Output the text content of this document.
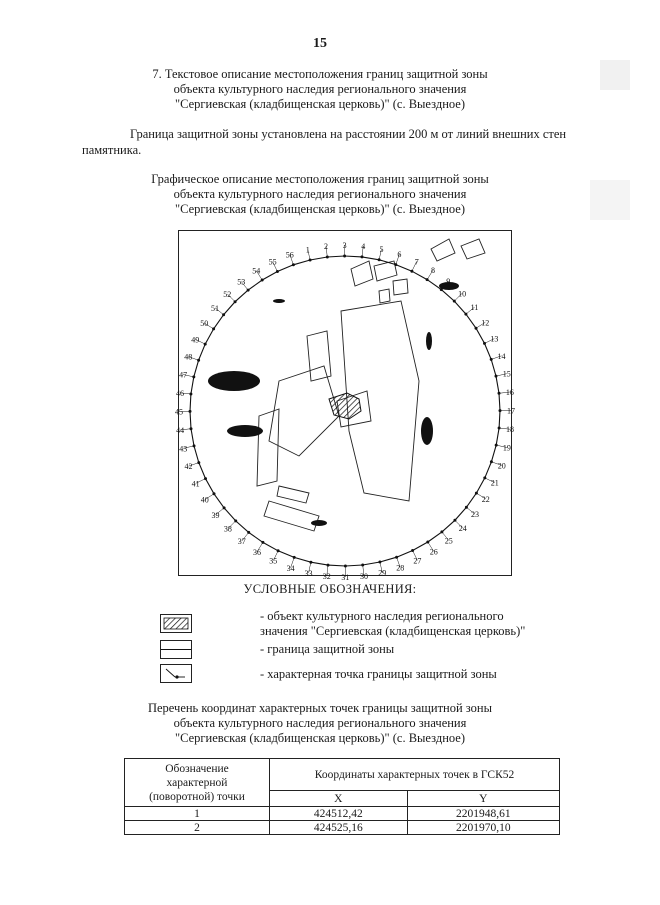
15
7. Текстовое описание местоположения границ защитной зоны
объекта культурного наследия регионального значения
"Сергиевская (кладбищенская церковь)" (с. Выездное)
Граница защитной зоны установлена на расстоянии 200 м от линий внешних стен памятника.
Графическое описание местоположения границ защитной зоны
объекта культурного наследия регионального значения
"Сергиевская (кладбищенская церковь)" (с. Выездное)
1 2 3 4 5
6
7
8
9
10
11
12
13
14
15
16
17
18
19
20
21
22
23
24
25
26
27
28
29
30
31
32
33
34
35
36
37
38
39
40
41
42
43
44
45
46
47
48
49
50
51
52
53
54
55
56
УСЛОВНЫЕ ОБОЗНАЧЕНИЯ:
- объект культурного наследия регионального
значения "Сергиевская (кладбищенская церковь)"
- граница защитной зоны
- характерная точка границы защитной зоны
Перечень координат характерных точек границы защитной зоны
объекта культурного наследия регионального значения
"Сергиевская (кладбищенская церковь)" (с. Выездное)
Обозначение
характерной
(поворотной) точки	Координаты характерных точек в ГСК52	
	X	Y
1	424512,42	2201948,61
2	424525,16	2201970,10
